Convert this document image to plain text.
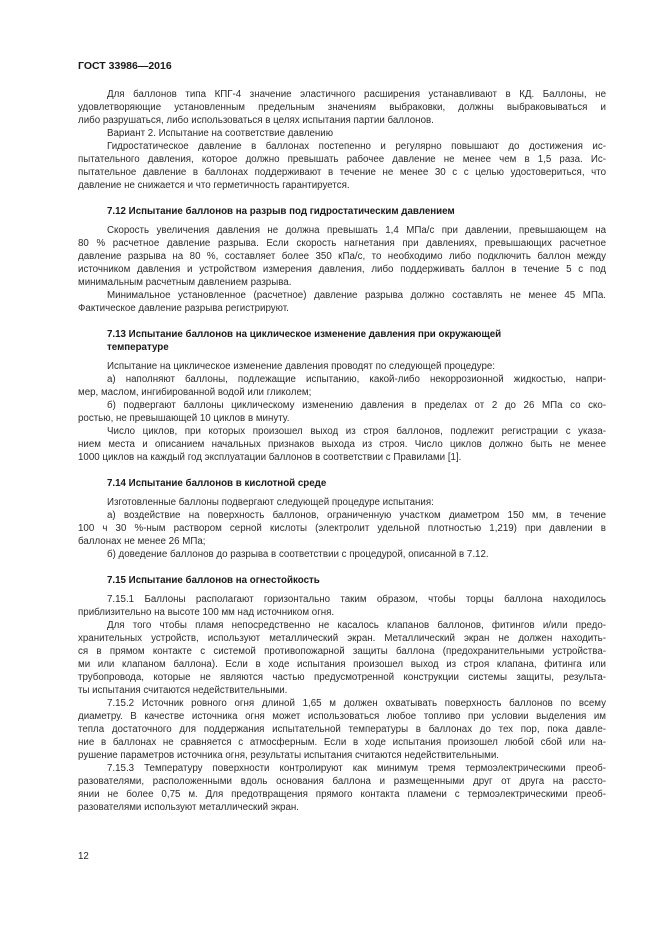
ГОСТ 33986—2016
Для баллонов типа КПГ-4 значение эластичного расширения устанавливают в КД. Баллоны, не
удовлетворяющие установленным предельным значениям выбраковки, должны выбраковываться и
либо разрушаться, либо использоваться в целях испытания партии баллонов.
Вариант 2. Испытание на соответствие давлению
Гидростатическое давление в баллонах постепенно и регулярно повышают до достижения ис-
пытательного давления, которое должно превышать рабочее давление не менее чем в 1,5 раза. Ис-
пытательное давление в баллонах поддерживают в течение не менее 30 с с целью удостовериться, что
давление не снижается и что герметичность гарантируется.
7.12 Испытание баллонов на разрыв под гидростатическим давлением
Скорость увеличения давления не должна превышать 1,4 МПа/с при давлении, превышающем на
80 % расчетное давление разрыва. Если скорость нагнетания при давлениях, превышающих расчетное
давление разрыва на 80 %, составляет более 350 кПа/с, то необходимо либо подключить баллон между
источником давления и устройством измерения давления, либо поддерживать баллон в течение 5 с под
минимальным расчетным давлением разрыва.
Минимальное установленное (расчетное) давление разрыва должно составлять не менее 45 МПа.
Фактическое давление разрыва регистрируют.
7.13 Испытание баллонов на циклическое изменение давления при окружающей
температуре
Испытание на циклическое изменение давления проводят по следующей процедуре:
а) наполняют баллоны, подлежащие испытанию, какой-либо некоррозионной жидкостью, напри-
мер, маслом, ингибированной водой или гликолем;
б) подвергают баллоны циклическому изменению давления в пределах от 2 до 26 МПа со ско-
ростью, не превышающей 10 циклов в минуту.
Число циклов, при которых произошел выход из строя баллонов, подлежит регистрации с указа-
нием места и описанием начальных признаков выхода из строя. Число циклов должно быть не менее
1000 циклов на каждый год эксплуатации баллонов в соответствии с Правилами [1].
7.14 Испытание баллонов в кислотной среде
Изготовленные баллоны подвергают следующей процедуре испытания:
а) воздействие на поверхность баллонов, ограниченную участком диаметром 150 мм, в течение
100 ч 30 %-ным раствором серной кислоты (электролит удельной плотностью 1,219) при давлении в
баллонах не менее 26 МПа;
б) доведение баллонов до разрыва в соответствии с процедурой, описанной в 7.12.
7.15 Испытание баллонов на огнестойкость
7.15.1 Баллоны располагают горизонтально таким образом, чтобы торцы баллона находилось
приблизительно на высоте 100 мм над источником огня.
Для того чтобы пламя непосредственно не касалось клапанов баллонов, фитингов и/или предо-
хранительных устройств, используют металлический экран. Металлический экран не должен находить-
ся в прямом контакте с системой противопожарной защиты баллона (предохранительными устройства-
ми или клапаном баллона). Если в ходе испытания произошел выход из строя клапана, фитинга или
трубопровода, которые не являются частью предусмотренной конструкции системы защиты, результа-
ты испытания считаются недействительными.
7.15.2 Источник ровного огня длиной 1,65 м должен охватывать поверхность баллонов по всему
диаметру. В качестве источника огня может использоваться любое топливо при условии выделения им
тепла достаточного для поддержания испытательной температуры в баллонах до тех пор, пока давле-
ние в баллонах не сравняется с атмосферным. Если в ходе испытания произошел любой сбой или на-
рушение параметров источника огня, результаты испытания считаются недействительными.
7.15.3 Температуру поверхности контролируют как минимум тремя термоэлектрическими преоб-
разователями, расположенными вдоль основания баллона и размещенными друг от друга на рассто-
янии не более 0,75 м. Для предотвращения прямого контакта пламени с термоэлектрическими преоб-
разователями используют металлический экран.
12
